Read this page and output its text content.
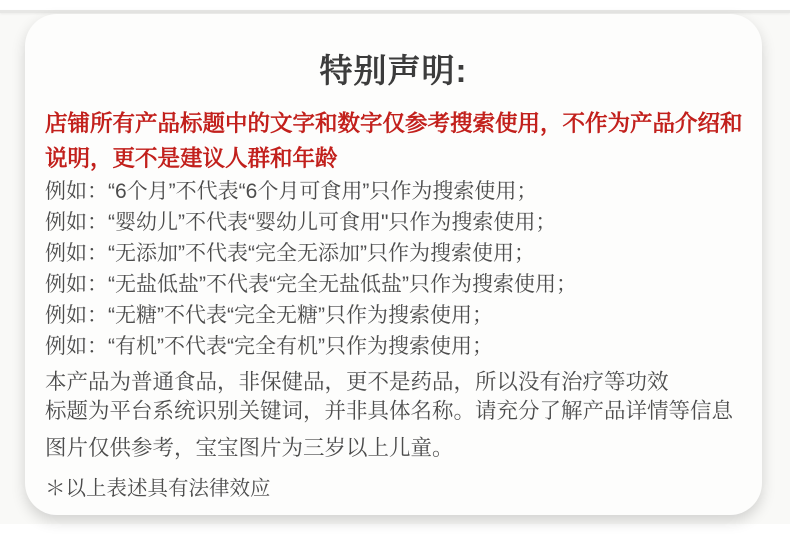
特别声明:
店铺所有产品标题中的文字和数字仅参考搜索使用，不作为产品介绍和
说明，更不是建议人群和年龄
例如：“6个月”不代表“6个月可食用”只作为搜索使用；
例如：“婴幼儿”不代表“婴幼儿可食用"只作为搜索使用；
例如：“无添加”不代表“完全无添加”只作为搜索使用；
例如：“无盐低盐”不代表“完全无盐低盐”只作为搜索使用；
例如：“无糖”不代表“完全无糖”只作为搜索使用；
例如：“有机”不代表“完全有机”只作为搜索使用；
本产品为普通食品，非保健品，更不是药品，所以没有治疗等功效
标题为平台系统识别关键词，并非具体名称。请充分了解产品详情等信息
图片仅供参考，宝宝图片为三岁以上儿童。
＊以上表述具有法律效应
